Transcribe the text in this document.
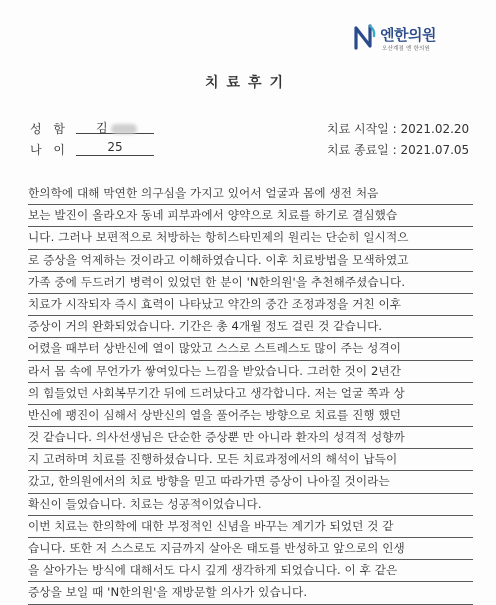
엔한의원
오산계점 엔 한의원
치료후기
성 함	김
나 이	25
치료 시작일 : 2021.02.20
치료 종료일 : 2021.07.05
한의학에 대해 막연한 의구심을 가지고 있어서 얼굴과 몸에 생전 처음
보는 발진이 올라오자 동네 피부과에서 양약으로 치료를 하기로 결심했습
니다. 그러나 보편적으로 처방하는 항히스타민제의 원리는 단순히 일시적으
로 증상을 억제하는 것이라고 이해하였습니다. 이후 치료방법을 모색하였고
가족 중에 두드러기 병력이 있었던 한 분이 'N한의원'을 추천해주셨습니다.
치료가 시작되자 즉시 효력이 나타났고 약간의 중간 조정과정을 거친 이후
증상이 거의 완화되었습니다. 기간은 총 4개월 정도 걸린 것 같습니다.
어렸을 때부터 상반신에 열이 많았고 스스로 스트레스도 많이 주는 성격이
라서 몸 속에 무언가가 쌓여있다는 느낌을 받았습니다. 그러한 것이 2년간
의 힘들었던 사회복무기간 뒤에 드러났다고 생각합니다. 저는 얼굴 쪽과 상
반신에 팽진이 심해서 상반신의 열을 풀어주는 방향으로 치료를 진행 했던
것 같습니다. 의사선생님은 단순한 증상뿐 만 아니라 환자의 성격적 성향까
지 고려하며 치료를 진행하셨습니다. 모든 치료과정에서의 해석이 납득이
갔고, 한의원에서의 치료 방향을 믿고 따라가면 증상이 나아질 것이라는
확신이 들었습니다. 치료는 성공적이었습니다.
이번 치료는 한의학에 대한 부정적인 신념을 바꾸는 계기가 되었던 것 같
습니다. 또한 저 스스로도 지금까지 살아온 태도를 반성하고 앞으로의 인생
을 살아가는 방식에 대해서도 다시 깊게 생각하게 되었습니다. 이 후 같은
증상을 보일 때 'N한의원'을 재방문할 의사가 있습니다.
